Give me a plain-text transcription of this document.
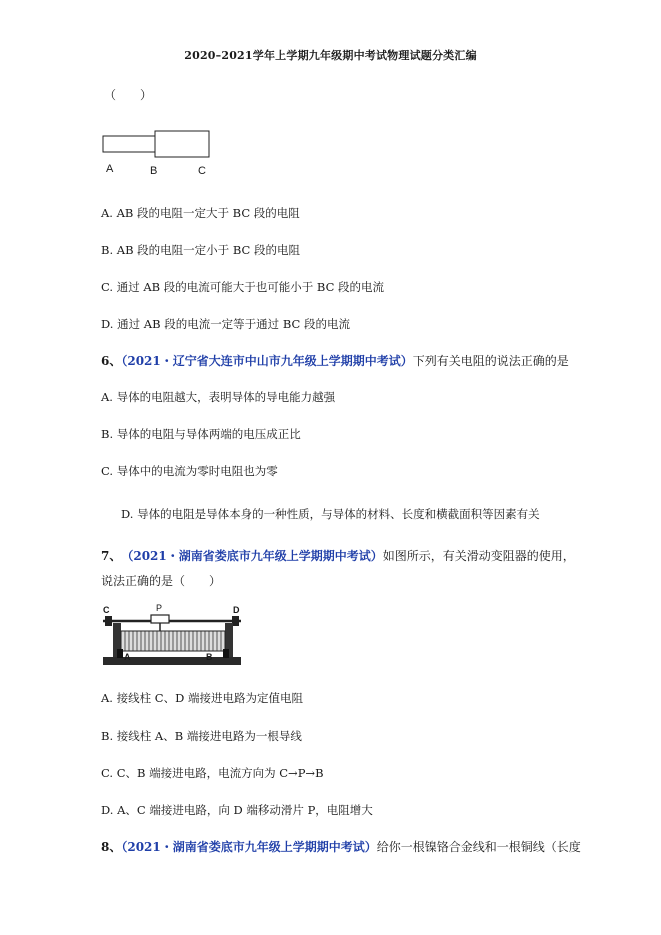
2020–2021学年上学期九年级期中考试物理试题分类汇编
（　　）
A	B	C
A. AB 段的电阻一定大于 BC 段的电阻
B. AB 段的电阻一定小于 BC 段的电阻
C. 通过 AB 段的电流可能大于也可能小于 BC 段的电流
D. 通过 AB 段的电流一定等于通过 BC 段的电流
6、（2021・辽宁省大连市中山市九年级上学期期中考试）下列有关电阻的说法正确的是
A. 导体的电阻越大，表明导体的导电能力越强
B. 导体的电阻与导体两端的电压成正比
C. 导体中的电流为零时电阻也为零
D. 导体的电阻是导体本身的一种性质，与导体的材料、长度和横截面积等因素有关
7、 （2021・湖南省娄底市九年级上学期期中考试）如图所示，有关滑动变阻器的使用，
说法正确的是（　　）
C	P	D
A	B
A. 接线柱 C、D 端接进电路为定值电阻
B. 接线柱 A、B 端接进电路为一根导线
C. C、B 端接进电路，电流方向为 C→P→B
D. A、C 端接进电路，向 D 端移动滑片 P，电阻增大
8、（2021・湖南省娄底市九年级上学期期中考试）给你一根镍铬合金线和一根铜线（长度
